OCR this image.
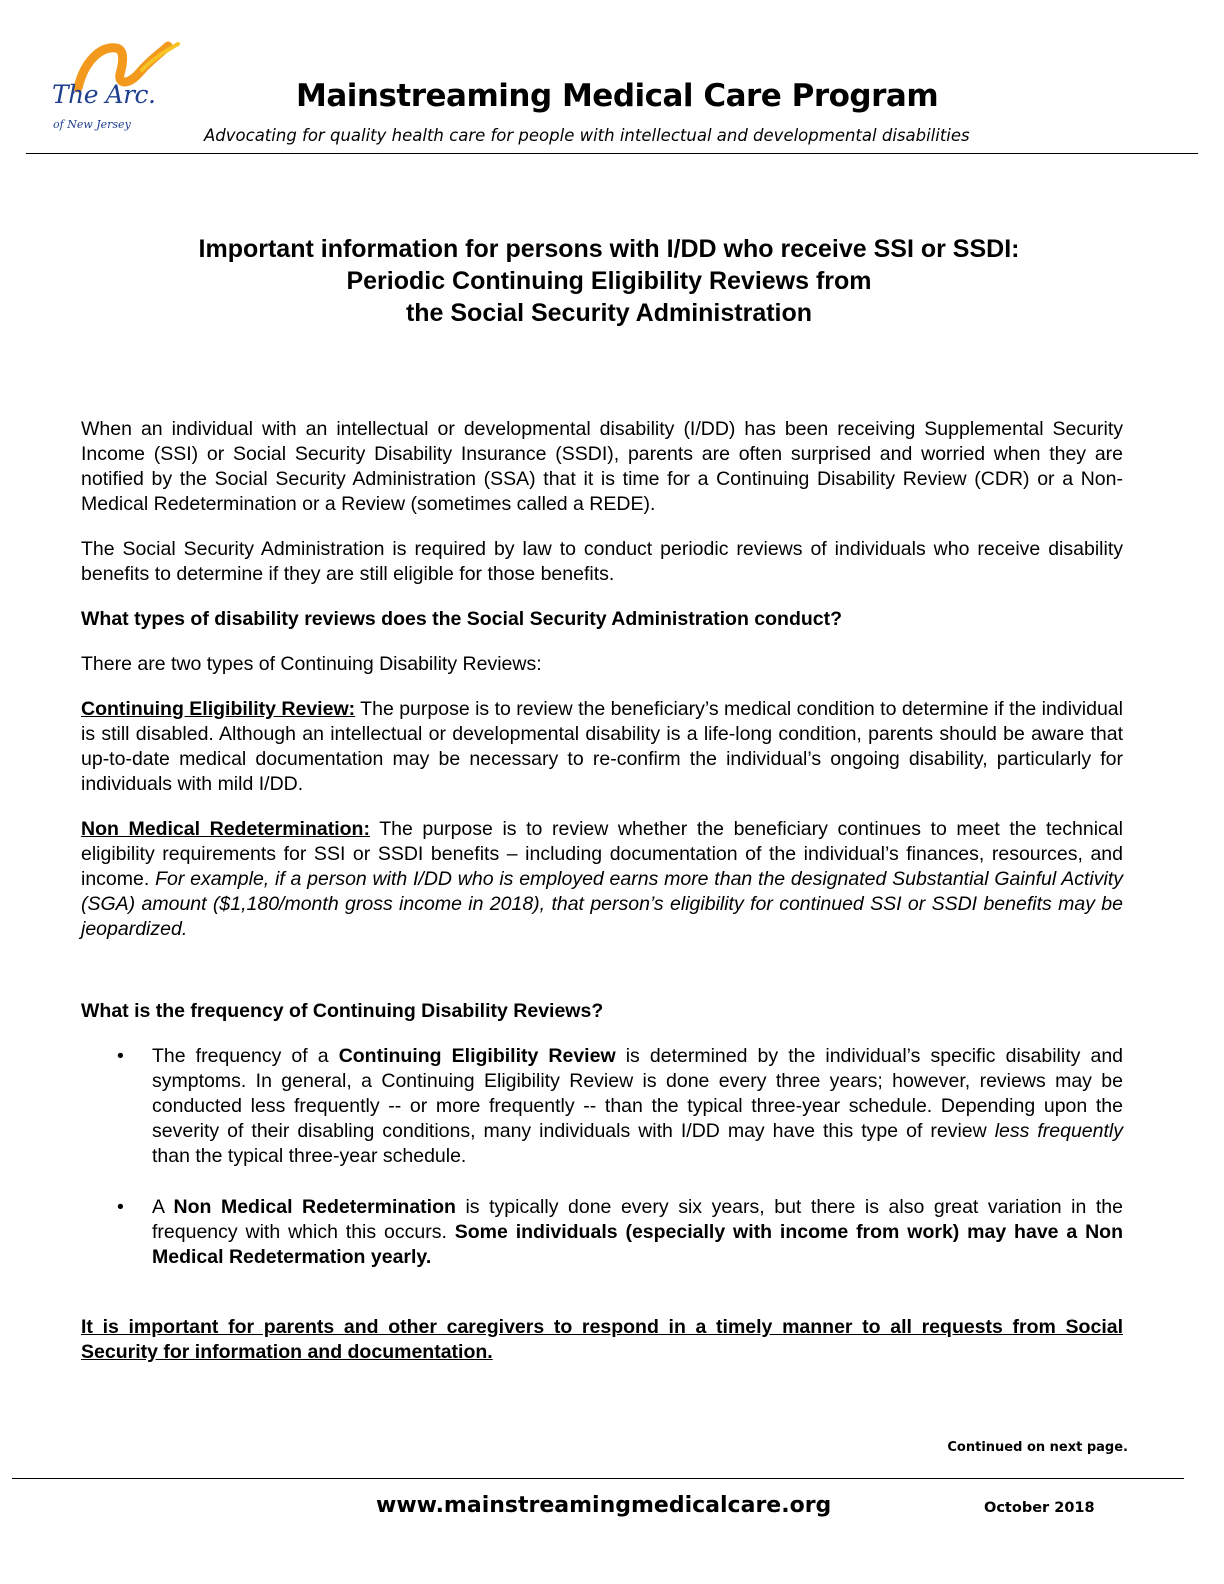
The Arc.
of New Jersey
Mainstreaming Medical Care Program
Advocating for quality health care for people with intellectual and developmental disabilities
Important information for persons with I/DD who receive SSI or SSDI:
Periodic Continuing Eligibility Reviews from
the Social Security Administration

When an individual with an intellectual or developmental disability (I/DD) has been receiving Supplemental Security Income (SSI) or Social Security Disability Insurance (SSDI), parents are often surprised and worried when they are notified by the Social Security Administration (SSA) that it is time for a Continuing Disability Review (CDR) or a Non-Medical Redetermination or a Review (sometimes called a REDE).

The Social Security Administration is required by law to conduct periodic reviews of individuals who receive disability benefits to determine if they are still eligible for those benefits.

What types of disability reviews does the Social Security Administration conduct?

There are two types of Continuing Disability Reviews:

Continuing Eligibility Review: The purpose is to review the beneficiary’s medical condition to determine if the individual is still disabled. Although an intellectual or developmental disability is a life-long condition, parents should be aware that up-to-date medical documentation may be necessary to re-confirm the individual’s ongoing disability, particularly for individuals with mild I/DD.

Non Medical Redetermination: The purpose is to review whether the beneficiary continues to meet the technical eligibility requirements for SSI or SSDI benefits – including documentation of the individual’s finances, resources, and income. For example, if a person with I/DD who is employed earns more than the designated Substantial Gainful Activity (SGA) amount ($1,180/month gross income in 2018), that person’s eligibility for continued SSI or SSDI benefits may be jeopardized.

What is the frequency of Continuing Disability Reviews?

• The frequency of a Continuing Eligibility Review is determined by the individual’s specific disability and symptoms. In general, a Continuing Eligibility Review is done every three years; however, reviews may be conducted less frequently -- or more frequently -- than the typical three-year schedule. Depending upon the severity of their disabling conditions, many individuals with I/DD may have this type of review less frequently than the typical three-year schedule.
• A Non Medical Redetermination is typically done every six years, but there is also great variation in the frequency with which this occurs. Some individuals (especially with income from work) may have a Non Medical Redetermation yearly.

It is important for parents and other caregivers to respond in a timely manner to all requests from Social Security for information and documentation.

Continued on next page.
www.mainstreamingmedicalcare.org	October 2018
